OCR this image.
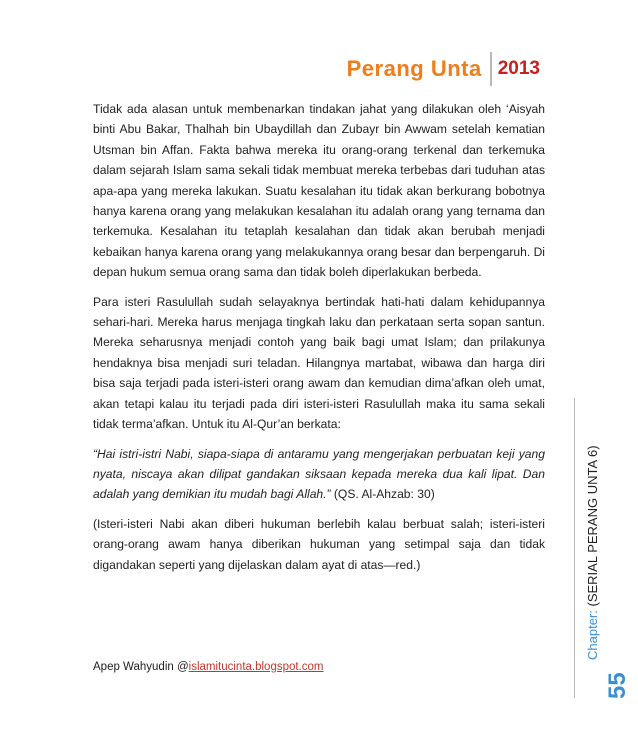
Perang Unta 2013

Tidak ada alasan untuk membenarkan tindakan jahat yang dilakukan oleh ‘Aisyah binti Abu Bakar, Thalhah bin Ubaydillah dan Zubayr bin Awwam setelah kematian Utsman bin Affan. Fakta bahwa mereka itu orang-orang terkenal dan terkemuka dalam sejarah Islam sama sekali tidak membuat mereka terbebas dari tuduhan atas apa-apa yang mereka lakukan. Suatu kesalahan itu tidak akan berkurang bobotnya hanya karena orang yang melakukan kesalahan itu adalah orang yang ternama dan terkemuka. Kesalahan itu tetaplah kesalahan dan tidak akan berubah menjadi kebaikan hanya karena orang yang melakukannya orang besar dan berpengaruh. Di depan hukum semua orang sama dan tidak boleh diperlakukan berbeda.

Para isteri Rasulullah sudah selayaknya bertindak hati-hati dalam kehidupannya sehari-hari. Mereka harus menjaga tingkah laku dan perkataan serta sopan santun. Mereka seharusnya menjadi contoh yang baik bagi umat Islam; dan prilakunya hendaknya bisa menjadi suri teladan. Hilangnya martabat, wibawa dan harga diri bisa saja terjadi pada isteri-isteri orang awam dan kemudian dima’afkan oleh umat, akan tetapi kalau itu terjadi pada diri isteri-isteri Rasulullah maka itu sama sekali tidak terma’afkan. Untuk itu Al-Qur’an berkata:

“Hai istri-istri Nabi, siapa-siapa di antaramu yang mengerjakan perbuatan keji yang nyata, niscaya akan dilipat gandakan siksaan kepada mereka dua kali lipat. Dan adalah yang demikian itu mudah bagi Allah.” (QS. Al-Ahzab: 30)

(Isteri-isteri Nabi akan diberi hukuman berlebih kalau berbuat salah; isteri-isteri orang-orang awam hanya diberikan hukuman yang setimpal saja dan tidak digandakan seperti yang dijelaskan dalam ayat di atas—red.)

Apep Wahyudin @islamitucinta.blogspot.com
Chapter: (SERIAL PERANG UNTA 6)
55
